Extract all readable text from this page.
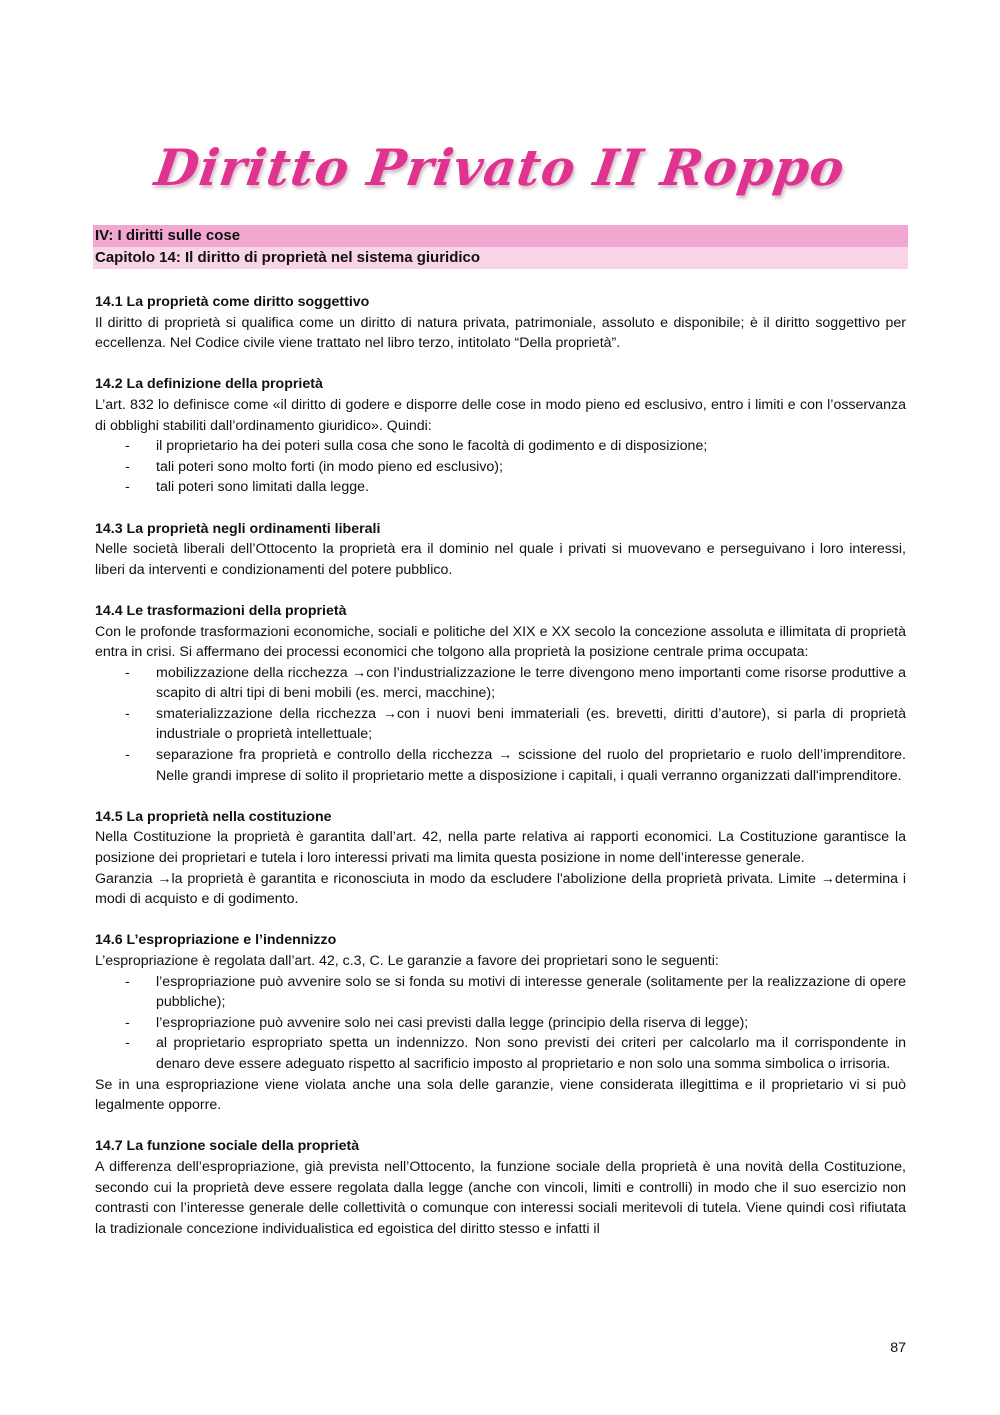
Diritto Privato II Roppo
IV: I diritti sulle cose
Capitolo 14: Il diritto di proprietà nel sistema giuridico
14.1 La proprietà come diritto soggettivo

Il diritto di proprietà si qualifica come un diritto di natura privata, patrimoniale, assoluto e disponibile; è il diritto soggettivo per eccellenza. Nel Codice civile viene trattato nel libro terzo, intitolato “Della proprietà”.

14.2 La definizione della proprietà

L’art. 832 lo definisce come «il diritto di godere e disporre delle cose in modo pieno ed esclusivo, entro i limiti e con l’osservanza di obblighi stabiliti dall’ordinamento giuridico». Quindi:

- il proprietario ha dei poteri sulla cosa che sono le facoltà di godimento e di disposizione;
- tali poteri sono molto forti (in modo pieno ed esclusivo);
- tali poteri sono limitati dalla legge.
14.3 La proprietà negli ordinamenti liberali

Nelle società liberali dell’Ottocento la proprietà era il dominio nel quale i privati si muovevano e perseguivano i loro interessi, liberi da interventi e condizionamenti del potere pubblico.

14.4 Le trasformazioni della proprietà

Con le profonde trasformazioni economiche, sociali e politiche del XIX e XX secolo la concezione assoluta e illimitata di proprietà entra in crisi. Si affermano dei processi economici che tolgono alla proprietà la posizione centrale prima occupata:

- mobilizzazione della ricchezza →con l’industrializzazione le terre divengono meno importanti come risorse produttive a scapito di altri tipi di beni mobili (es. merci, macchine);
- smaterializzazione della ricchezza →con i nuovi beni immateriali (es. brevetti, diritti d’autore), si parla di proprietà industriale o proprietà intellettuale;
- separazione fra proprietà e controllo della ricchezza → scissione del ruolo del proprietario e ruolo dell’imprenditore. Nelle grandi imprese di solito il proprietario mette a disposizione i capitali, i quali verranno organizzati dall'imprenditore.
14.5 La proprietà nella costituzione

Nella Costituzione la proprietà è garantita dall’art. 42, nella parte relativa ai rapporti economici. La Costituzione garantisce la posizione dei proprietari e tutela i loro interessi privati ma limita questa posizione in nome dell’interesse generale.

Garanzia →la proprietà è garantita e riconosciuta in modo da escludere l'abolizione della proprietà privata. Limite →determina i modi di acquisto e di godimento.

14.6 L’espropriazione e l’indennizzo

L’espropriazione è regolata dall’art. 42, c.3, C. Le garanzie a favore dei proprietari sono le seguenti:

- l’espropriazione può avvenire solo se si fonda su motivi di interesse generale (solitamente per la realizzazione di opere pubbliche);
- l’espropriazione può avvenire solo nei casi previsti dalla legge (principio della riserva di legge);
- al proprietario espropriato spetta un indennizzo. Non sono previsti dei criteri per calcolarlo ma il corrispondente in denaro deve essere adeguato rispetto al sacrificio imposto al proprietario e non solo una somma simbolica o irrisoria.

Se in una espropriazione viene violata anche una sola delle garanzie, viene considerata illegittima e il proprietario vi si può legalmente opporre.

14.7 La funzione sociale della proprietà

A differenza dell’espropriazione, già prevista nell’Ottocento, la funzione sociale della proprietà è una novità della Costituzione, secondo cui la proprietà deve essere regolata dalla legge (anche con vincoli, limiti e controlli) in modo che il suo esercizio non contrasti con l’interesse generale delle collettività o comunque con interessi sociali meritevoli di tutela. Viene quindi così rifiutata la tradizionale concezione individualistica ed egoistica del diritto stesso e infatti il

87
